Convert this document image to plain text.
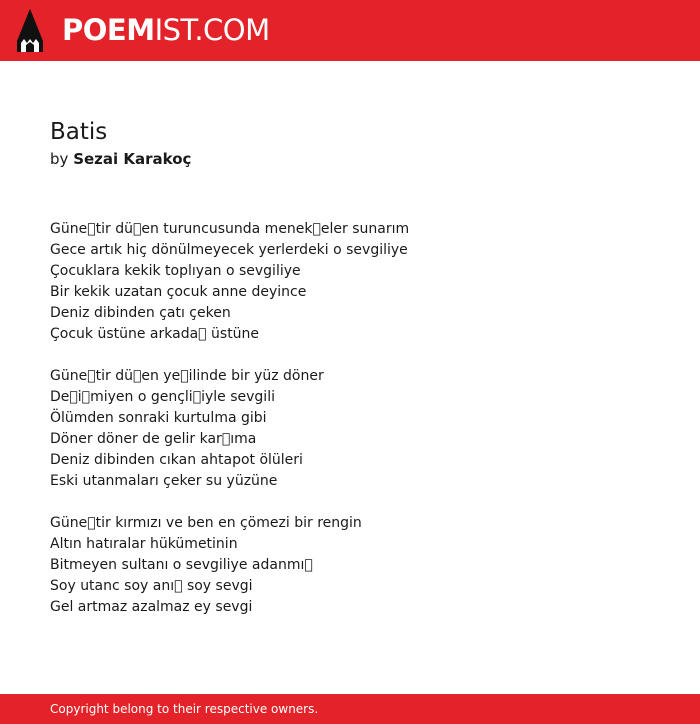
POEMIST.COM
Batis
by Sezai Karakoç
Güne tir dü en turuncusunda menek eler sunarım
Gece artık hiç dönülmeyecek yerlerdeki o sevgiliye
Çocuklara kekik toplıyan o sevgiliye
Bir kekik uzatan çocuk anne deyince
Deniz dibinden çatı çeken
Çocuk üstüne arkada  üstüne
Güne tir dü en ye ilinde bir yüz döner
De i miyen o gençli iyle sevgili
Ölümden sonraki kurtulma gibi
Döner döner de gelir kar ıma
Deniz dibinden cıkan ahtapot ölüleri
Eski utanmaları çeker su yüzüne
Güne tir kırmızı ve ben en çömezi bir rengin
Altın hatıralar hükümetinin
Bitmeyen sultanı o sevgiliye adanmı 
Soy utanc soy anı  soy sevgi
Gel artmaz azalmaz ey sevgi
Copyright belong to their respective owners.
